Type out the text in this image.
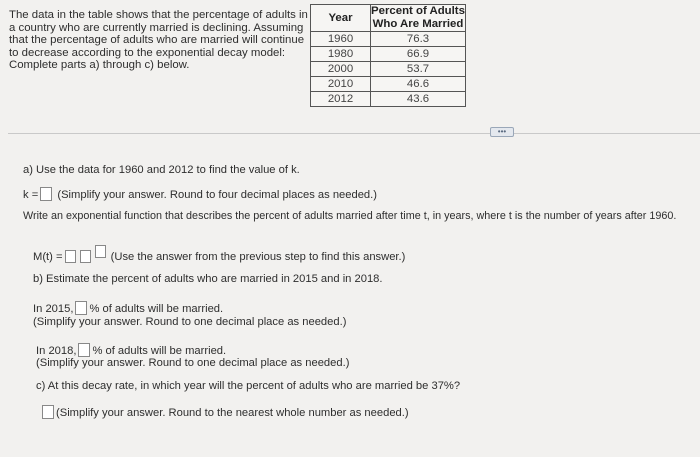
The data in the table shows that the percentage of adults in
a country who are currently married is declining. Assuming
that the percentage of adults who are married will continue
to decrease according to the exponential decay model:
Complete parts a) through c) below.
Year	Percent of Adults
Who Are Married

1960	76.3
1980	66.9
2000	53.7
2010	46.6
2012	43.6
•••
a) Use the data for 1960 and 2012 to find the value of k.
k = (Simplify your answer. Round to four decimal places as needed.)
Write an exponential function that describes the percent of adults married after time t, in years, where t is the number of years after 1960.
M(t) =	(Use the answer from the previous step to find this answer.)
b) Estimate the percent of adults who are married in 2015 and in 2018.
In 2015, % of adults will be married.
(Simplify your answer. Round to one decimal place as needed.)
In 2018, % of adults will be married.
(Simplify your answer. Round to one decimal place as needed.)
c) At this decay rate, in which year will the percent of adults who are married be 37%?
(Simplify your answer. Round to the nearest whole number as needed.)
